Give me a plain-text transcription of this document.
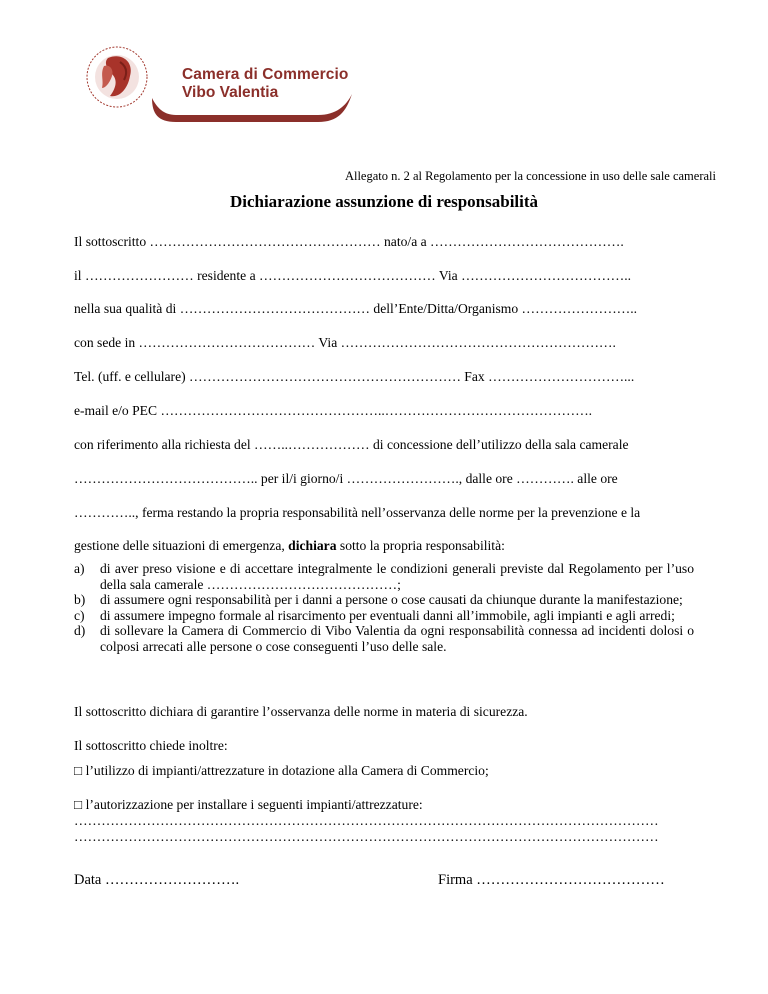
Camera di Commercio
Vibo Valentia
Allegato n. 2 al Regolamento per la concessione in uso delle sale camerali
Dichiarazione assunzione di responsabilità
Il sottoscritto …………………………………………… nato/a a …………………………………….
il …………………… residente a ………………………………… Via ………………………………..
nella sua qualità di …………………………………… dell’Ente/Ditta/Organismo ……………………..
con sede in ………………………………… Via …………………………………………………….
Tel. (uff. e cellulare) …………………………………………………… Fax …………………………...
e-mail e/o PEC …………………………………………..……………………………………….
con riferimento alla richiesta del ……..……………… di concessione dell’utilizzo della sala camerale
………………………………….. per il/i giorno/i ……………………., dalle ore …………. alle ore
………….., ferma restando la propria responsabilità nell’osservanza delle norme per la prevenzione e la
gestione delle situazioni di emergenza, dichiara sotto la propria responsabilità:
a) di aver preso visione e di accettare integralmente le condizioni generali previste dal Regolamento per l’uso della sala camerale ……………………………………;
b) di assumere ogni responsabilità per i danni a persone o cose causati da chiunque durante la manifestazione;
c) di assumere impegno formale al risarcimento per eventuali danni all’immobile, agli impianti e agli arredi;
d) di sollevare la Camera di Commercio di Vibo Valentia da ogni responsabilità connessa ad incidenti dolosi o colposi arrecati alle persone o cose conseguenti l’uso delle sale.
Il sottoscritto dichiara di garantire l’osservanza delle norme in materia di sicurezza.
Il sottoscritto chiede inoltre:
□ l’utilizzo di impianti/attrezzature in dotazione alla Camera di Commercio;
□ l’autorizzazione per installare i seguenti impianti/attrezzature:
…………………………………………………………………………………………………………………
…………………………………………………………………………………………………………………
Data ……………………….	Firma …………………………………
